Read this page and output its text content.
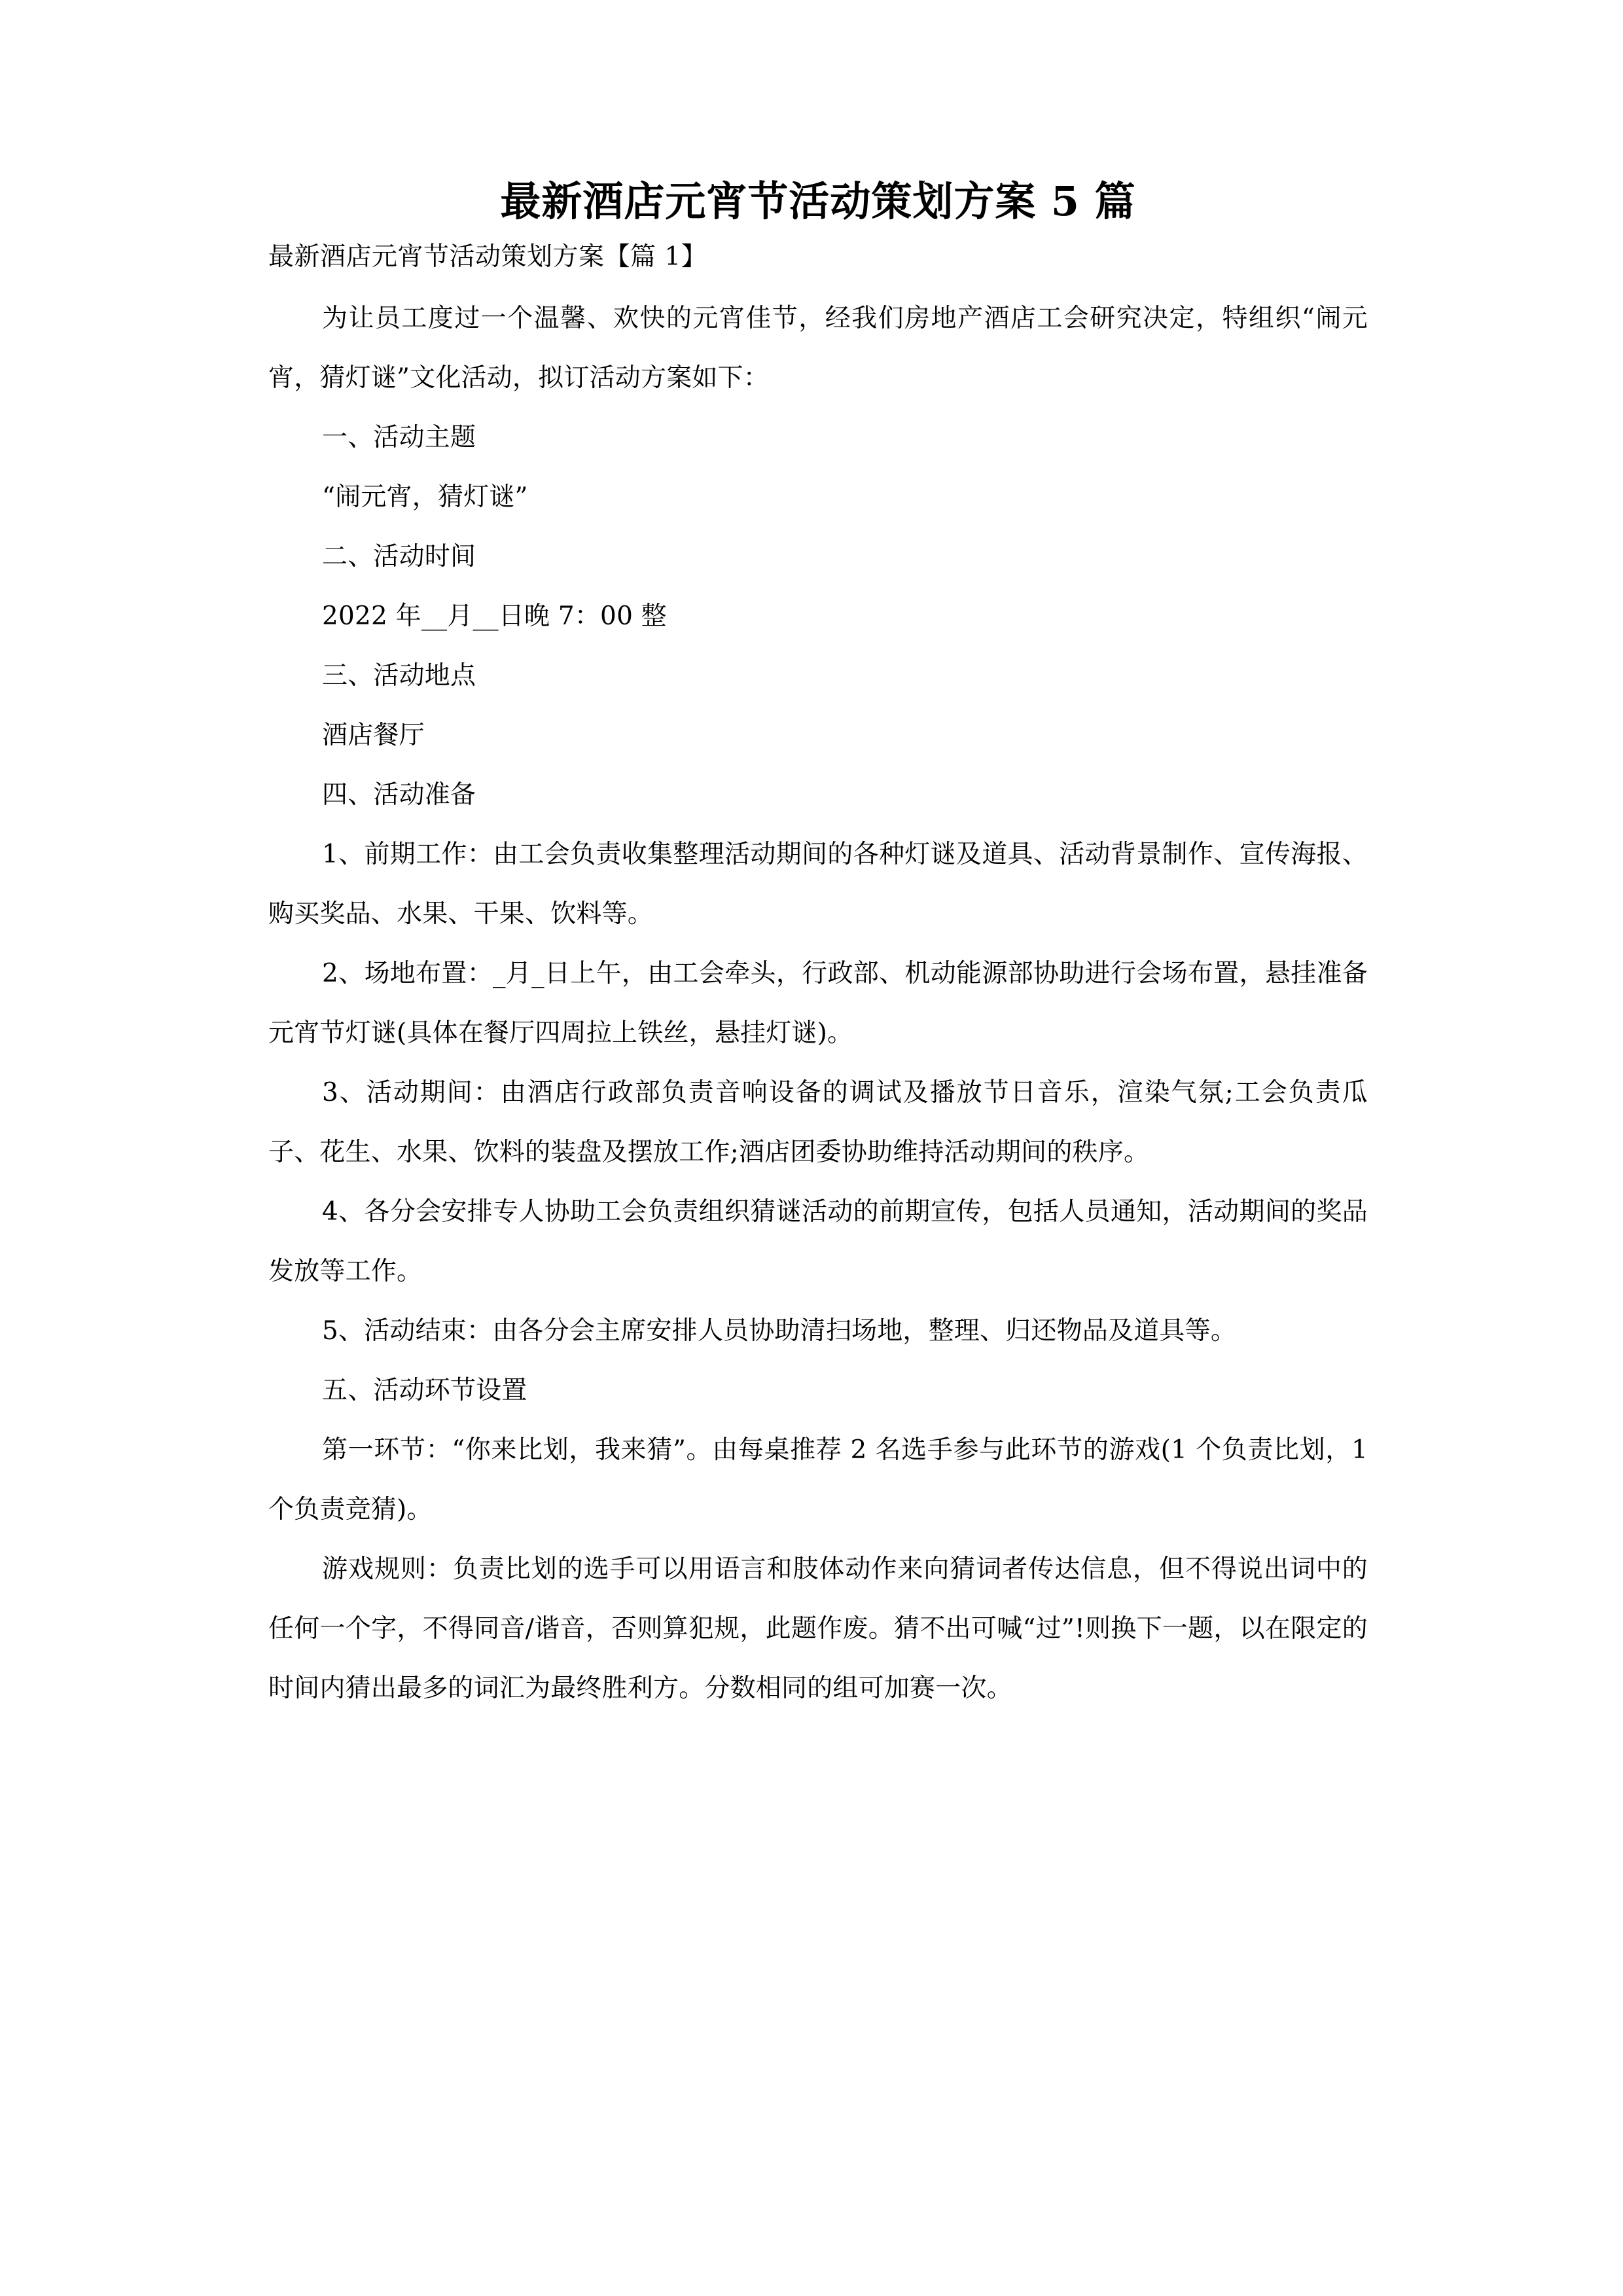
最新酒店元宵节活动策划方案 5 篇
最新酒店元宵节活动策划方案【篇 1】

为让员工度过一个温馨、欢快的元宵佳节，经我们房地产酒店工会研究决定，特组织“闹元宵，猜灯谜”文化活动，拟订活动方案如下：

一、活动主题

“闹元宵，猜灯谜”

二、活动时间

2022 年__月__日晚 7：00 整

三、活动地点

酒店餐厅

四、活动准备

1、前期工作：由工会负责收集整理活动期间的各种灯谜及道具、活动背景制作、宣传海报、购买奖品、水果、干果、饮料等。

2、场地布置：_月_日上午，由工会牵头，行政部、机动能源部协助进行会场布置，悬挂准备元宵节灯谜(具体在餐厅四周拉上铁丝，悬挂灯谜)。

3、活动期间：由酒店行政部负责音响设备的调试及播放节日音乐，渲染气氛;工会负责瓜子、花生、水果、饮料的装盘及摆放工作;酒店团委协助维持活动期间的秩序。

4、各分会安排专人协助工会负责组织猜谜活动的前期宣传，包括人员通知，活动期间的奖品发放等工作。

5、活动结束：由各分会主席安排人员协助清扫场地，整理、归还物品及道具等。

五、活动环节设置

第一环节：“你来比划，我来猜”。由每桌推荐 2 名选手参与此环节的游戏(1 个负责比划，1 个负责竞猜)。

游戏规则：负责比划的选手可以用语言和肢体动作来向猜词者传达信息，但不得说出词中的任何一个字，不得同音/谐音，否则算犯规，此题作废。猜不出可喊“过”!则换下一题，以在限定的时间内猜出最多的词汇为最终胜利方。分数相同的组可加赛一次。
